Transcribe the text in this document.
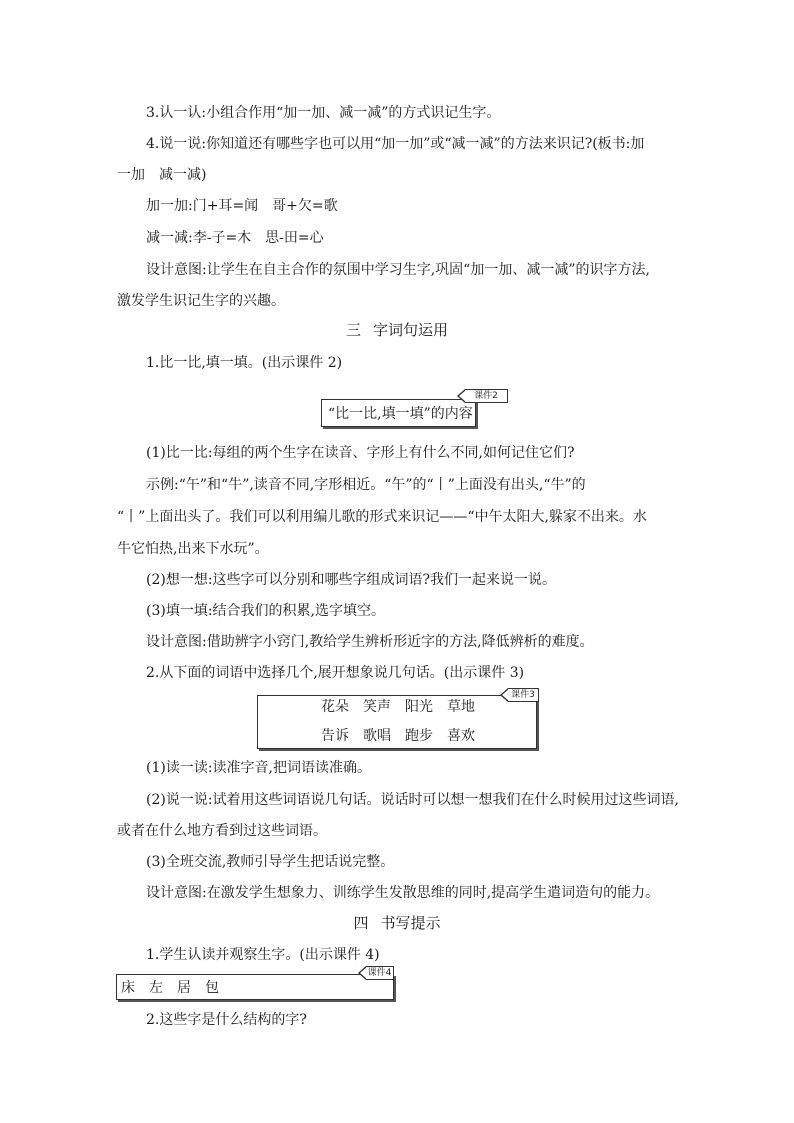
3.认一认:小组合作用“加一加、减一减”的方式识记生字。
4.说一说:你知道还有哪些字也可以用“加一加”或“减一减”的方法来识记?(板书:加
一加　减一减)
加一加:门+耳=闻　哥+欠=歌
减一减:李-子=木　思-田=心
设计意图:让学生在自主合作的氛围中学习生字,巩固“加一加、减一减”的识字方法,
激发学生识记生字的兴趣。
三 字词句运用
1.比一比,填一填。(出示课件 2)
“比一比,填一填”的内容
课件2
(1)比一比:每组的两个生字在读音、字形上有什么不同,如何记住它们?
示例:“午”和“牛”,读音不同,字形相近。“午”的“丨”上面没有出头,“牛”的
“丨”上面出头了。我们可以利用编儿歌的形式来识记——“中午太阳大,躲家不出来。水
牛它怕热,出来下水玩”。
(2)想一想:这些字可以分别和哪些字组成词语?我们一起来说一说。
(3)填一填:结合我们的积累,选字填空。
设计意图:借助辨字小窍门,教给学生辨析形近字的方法,降低辨析的难度。
2.从下面的词语中选择几个,展开想象说几句话。(出示课件 3)
花朵 笑声 阳光 草地
告诉 歌唱 跑步 喜欢
课件3
(1)读一读:读准字音,把词语读准确。
(2)说一说:试着用这些词语说几句话。说话时可以想一想我们在什么时候用过这些词语,
或者在什么地方看到过这些词语。
(3)全班交流,教师引导学生把话说完整。
设计意图:在激发学生想象力、训练学生发散思维的同时,提高学生遣词造句的能力。
四 书写提示
1.学生认读并观察生字。(出示课件 4)
床 左 居 包
课件4
2.这些字是什么结构的字?
